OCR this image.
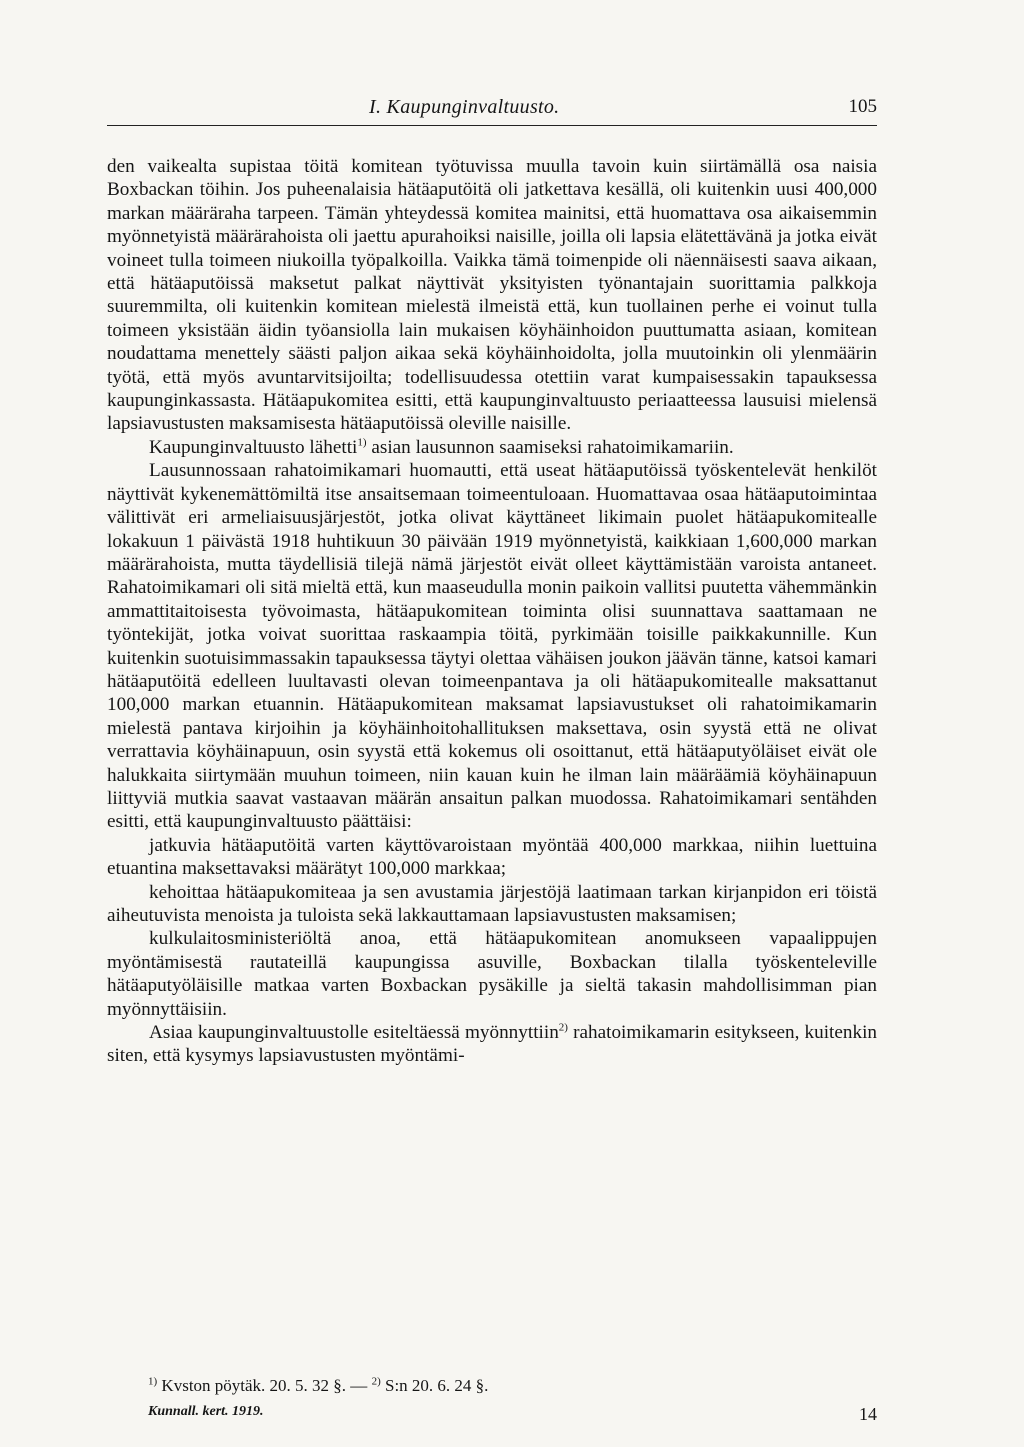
I. Kaupunginvaltuusto.	105

den vaikealta supistaa töitä komitean työtuvissa muulla tavoin kuin siirtämällä osa naisia Boxbackan töihin. Jos puheenalaisia hätäaputöitä oli jatkettava kesällä, oli kuitenkin uusi 400,000 markan määräraha tarpeen. Tämän yhteydessä komitea mainitsi, että huomattava osa aikaisemmin myönnetyistä määrärahoista oli jaettu apurahoiksi naisille, joilla oli lapsia elätettävänä ja jotka eivät voineet tulla toimeen niukoilla työpalkoilla. Vaikka tämä toimenpide oli näennäisesti saava aikaan, että hätäaputöissä maksetut palkat näyttivät yksityisten työnantajain suorittamia palkkoja suuremmilta, oli kuitenkin komitean mielestä ilmeistä että, kun tuollainen perhe ei voinut tulla toimeen yksistään äidin työansiolla lain mukaisen köyhäinhoidon puuttumatta asiaan, komitean noudattama menettely säästi paljon aikaa sekä köyhäinhoidolta, jolla muutoinkin oli ylenmäärin työtä, että myös avuntarvitsijoilta; todellisuudessa otettiin varat kumpaisessakin tapauksessa kaupunginkassasta. Hätäapukomitea esitti, että kaupunginvaltuusto periaatteessa lausuisi mielensä lapsiavustusten maksamisesta hätäaputöissä oleville naisille.

Kaupunginvaltuusto lähetti$^{1)}$ asian lausunnon saamiseksi rahatoimikamariin.

Lausunnossaan rahatoimikamari huomautti, että useat hätäaputöissä työskentelevät henkilöt näyttivät kykenemättömiltä itse ansaitsemaan toimeentuloaan. Huomattavaa osaa hätäaputoimintaa välittivät eri armeliaisuusjärjestöt, jotka olivat käyttäneet likimain puolet hätäapukomitealle lokakuun 1 päivästä 1918 huhtikuun 30 päivään 1919 myönnetyistä, kaikkiaan 1,600,000 markan määrärahoista, mutta täydellisiä tilejä nämä järjestöt eivät olleet käyttämistään varoista antaneet. Rahatoimikamari oli sitä mieltä että, kun maaseudulla monin paikoin vallitsi puutetta vähemmänkin ammattitaitoisesta työvoimasta, hätäapukomitean toiminta olisi suunnattava saattamaan ne työntekijät, jotka voivat suorittaa raskaampia töitä, pyrkimään toisille paikkakunnille. Kun kuitenkin suotuisimmassakin tapauksessa täytyi olettaa vähäisen joukon jäävän tänne, katsoi kamari hätäaputöitä edelleen luultavasti olevan toimeenpantava ja oli hätäapukomitealle maksattanut 100,000 markan etuannin. Hätäapukomitean maksamat lapsiavustukset oli rahatoimikamarin mielestä pantava kirjoihin ja köyhäinhoitohallituksen maksettava, osin syystä että ne olivat verrattavia köyhäinapuun, osin syystä että kokemus oli osoittanut, että hätäaputyöläiset eivät ole halukkaita siirtymään muuhun toimeen, niin kauan kuin he ilman lain määräämiä köyhäinapuun liittyviä mutkia saavat vastaavan määrän ansaitun palkan muodossa. Rahatoimikamari sentähden esitti, että kaupunginvaltuusto päättäisi:

jatkuvia hätäaputöitä varten käyttövaroistaan myöntää 400,000 markkaa, niihin luettuina etuantina maksettavaksi määrätyt 100,000 markkaa;

kehoittaa hätäapukomiteaa ja sen avustamia järjestöjä laatimaan tarkan kirjanpidon eri töistä aiheutuvista menoista ja tuloista sekä lakkauttamaan lapsiavustusten maksamisen;

kulkulaitosministeriöltä anoa, että hätäapukomitean anomukseen vapaalippujen myöntämisestä rautateillä kaupungissa asuville, Boxbackan tilalla työskenteleville hätäaputyöläisille matkaa varten Boxbackan pysäkille ja sieltä takasin mahdollisimman pian myönnyttäisiin.

Asiaa kaupunginvaltuustolle esiteltäessä myönnyttiin$^{2)}$ rahatoimikamarin esitykseen, kuitenkin siten, että kysymys lapsiavustusten myöntämi-

$^{1)}$ Kvston pöytäk. 20. 5. 32 §. — $^{2)}$ S:n 20. 6. 24 §.
Kunnall. kert. 1919.	14
